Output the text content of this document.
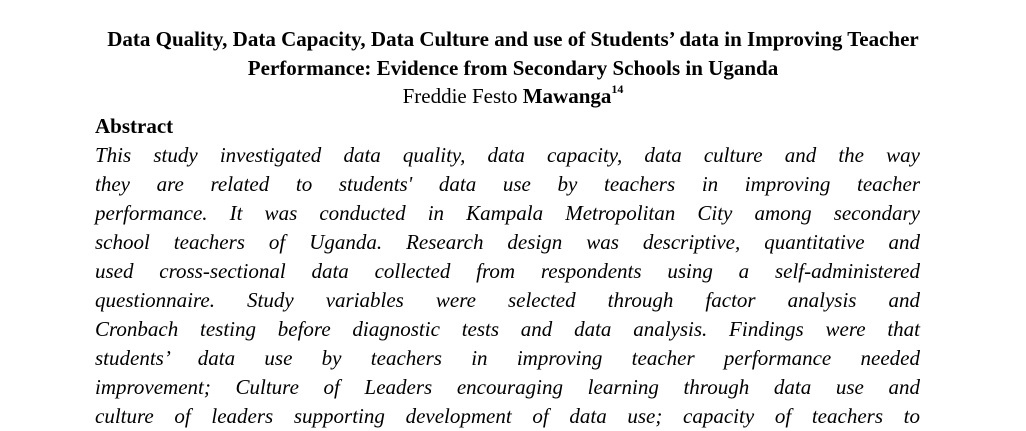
Data Quality, Data Capacity, Data Culture and use of Students’ data in Improving Teacher
Performance: Evidence from Secondary Schools in Uganda
Freddie Festo Mawanga$^{14}$
Abstract
This study investigated data quality, data capacity, data culture and the way
they are related to students' data use by teachers in improving teacher
performance. It was conducted in Kampala Metropolitan City among secondary
school teachers of Uganda. Research design was descriptive, quantitative and
used cross-sectional data collected from respondents using a self-administered
questionnaire. Study variables were selected through factor analysis and
Cronbach testing before diagnostic tests and data analysis. Findings were that
students’ data use by teachers in improving teacher performance needed
improvement; Culture of Leaders encouraging learning through data use and
culture of leaders supporting development of data use; capacity of teachers to
